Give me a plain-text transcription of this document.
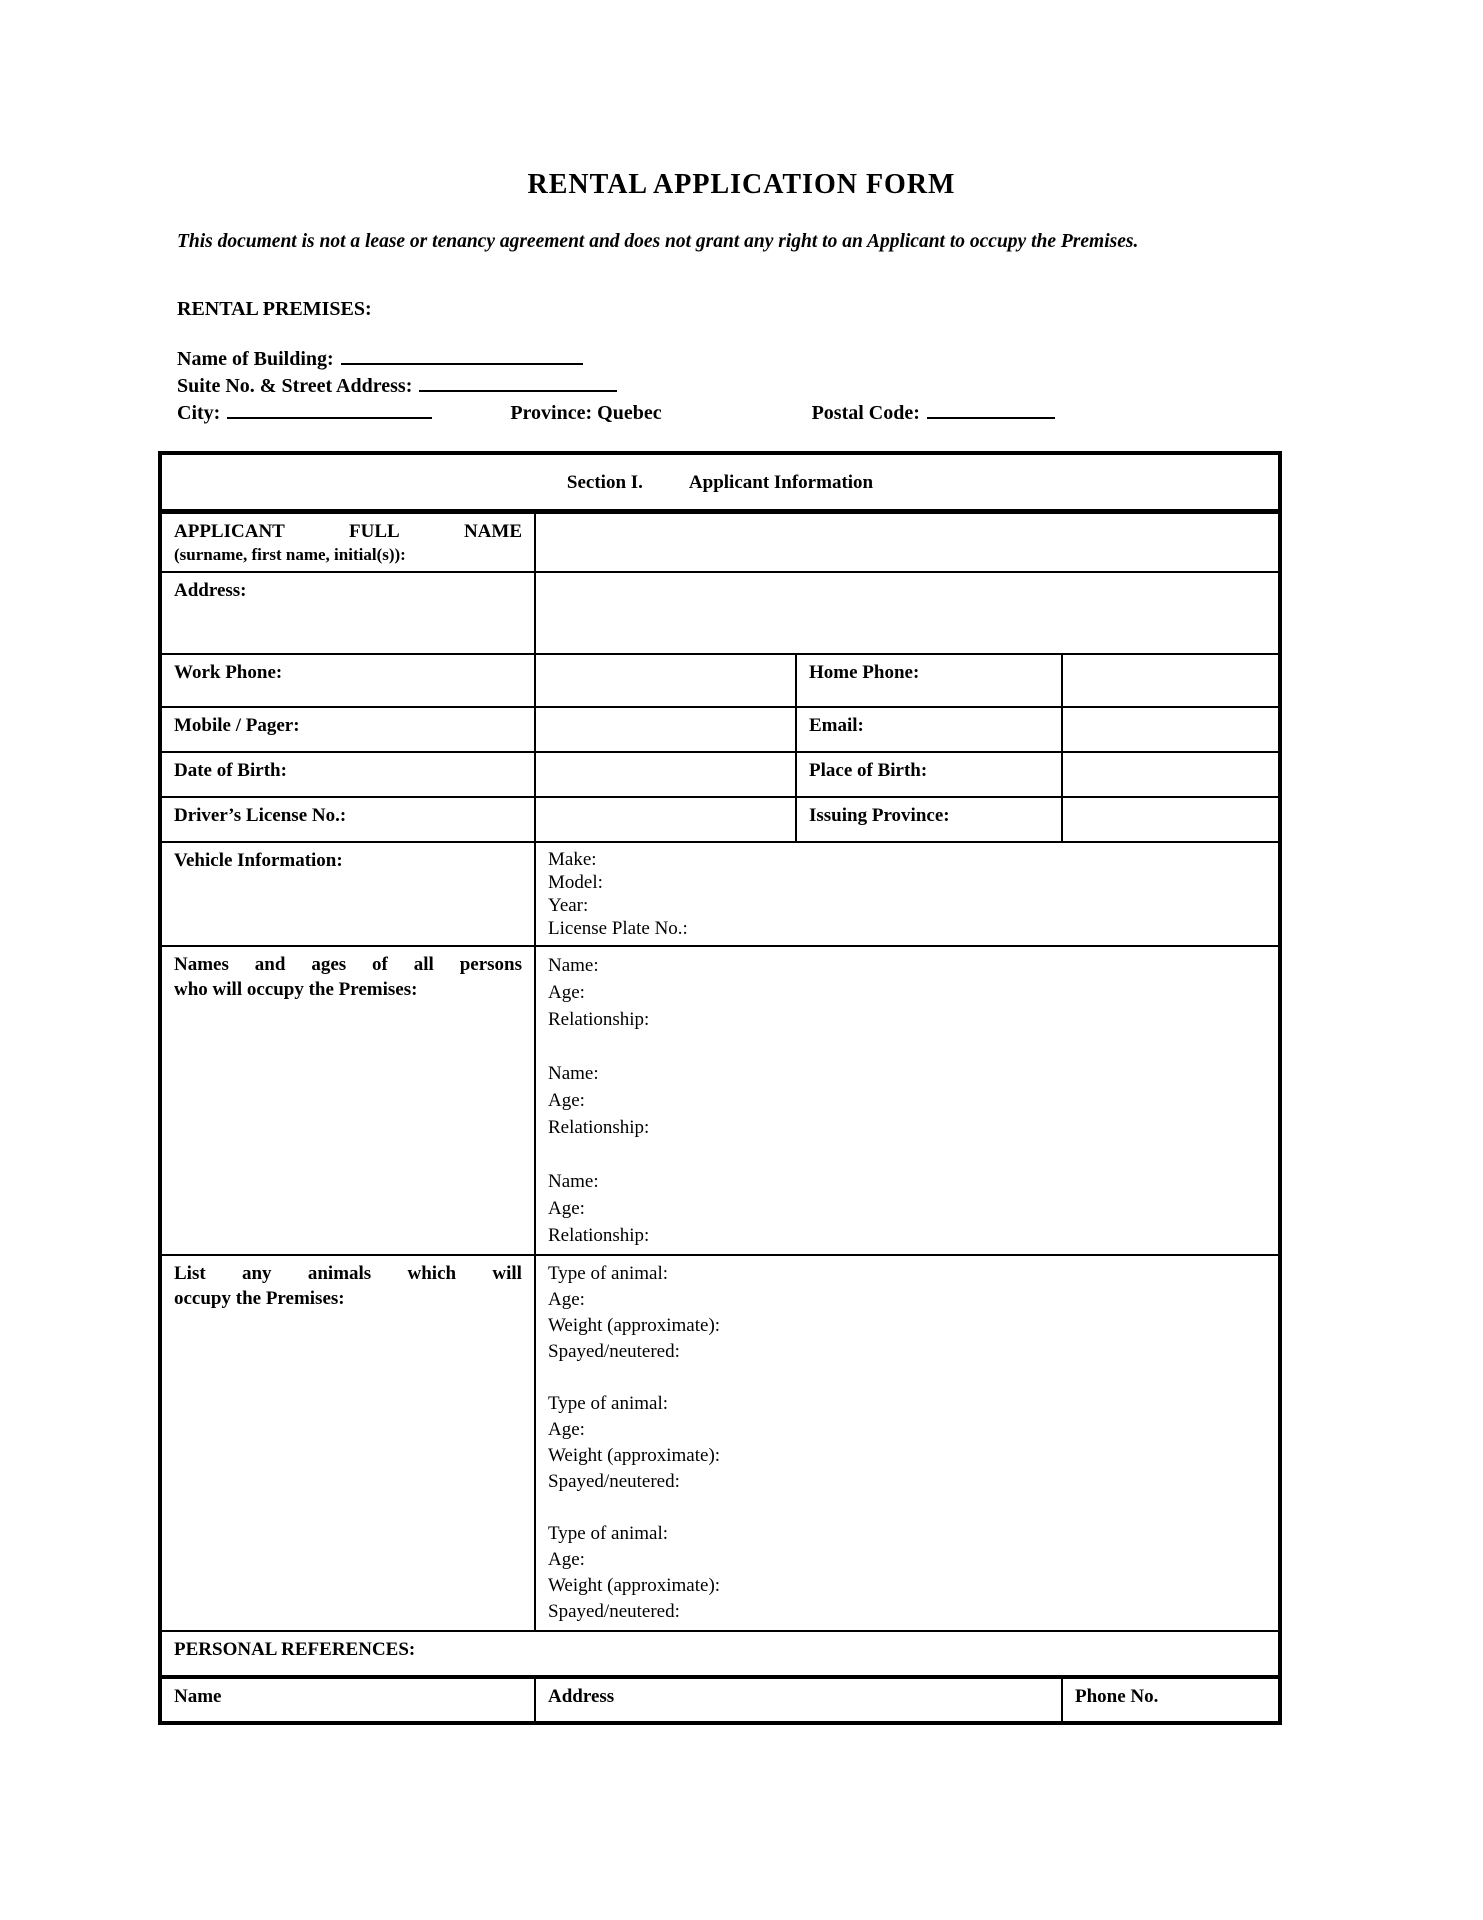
RENTAL APPLICATION FORM
This document is not a lease or tenancy agreement and does not grant any right to an Applicant to occupy the Premises.
RENTAL PREMISES:
Name of Building:
Suite No. & Street Address:
City:	Province: Quebec	Postal Code:
Section I. Applicant Information			

APPLICANT FULL NAME
(surname, first name, initial(s)):			

Address:			
Work Phone:		Home Phone:	
Mobile / Pager:		Email:	
Date of Birth:		Place of Birth:	
Driver’s License No.:		Issuing Province:	
Vehicle Information:	Make:
Model:
Year:
License Plate No.:		

Names and ages of all persons
who will occupy the Premises:

Name:
Age:
Relationship:
Name:
Age:
Relationship:
Name:
Age:
Relationship:

List any animals which will
occupy the Premises:

Type of animal:
Age:
Weight (approximate):
Spayed/neutered:
Type of animal:
Age:
Weight (approximate):
Spayed/neutered:
Type of animal:
Age:
Weight (approximate):
Spayed/neutered:

PERSONAL REFERENCES:			
Name	Address		Phone No.
